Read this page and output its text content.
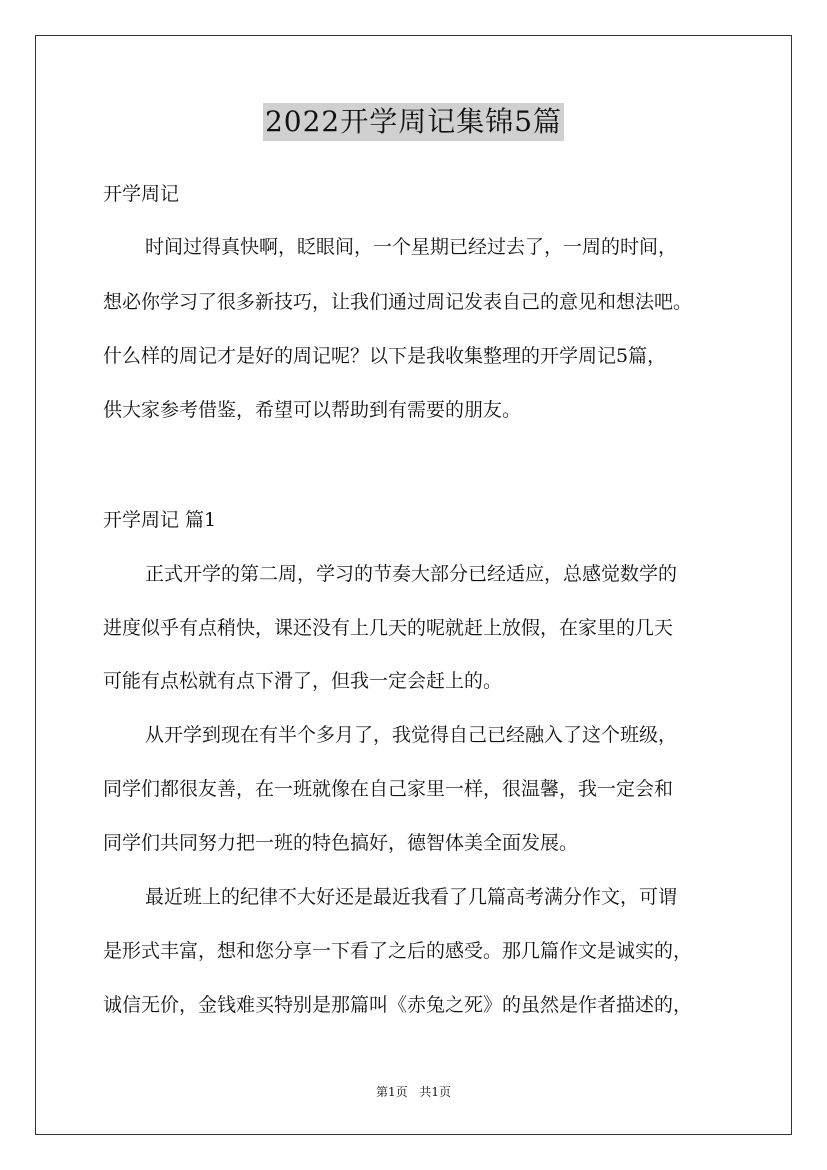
2022开学周记集锦5篇
开学周记
时间过得真快啊，眨眼间，一个星期已经过去了，一周的时间，
想必你学习了很多新技巧，让我们通过周记发表自己的意见和想法吧。
什么样的周记才是好的周记呢？以下是我收集整理的开学周记5篇，
供大家参考借鉴，希望可以帮助到有需要的朋友。
开学周记 篇1
正式开学的第二周，学习的节奏大部分已经适应，总感觉数学的
进度似乎有点稍快，课还没有上几天的呢就赶上放假，在家里的几天
可能有点松就有点下滑了，但我一定会赶上的。
从开学到现在有半个多月了，我觉得自己已经融入了这个班级，
同学们都很友善，在一班就像在自己家里一样，很温馨，我一定会和
同学们共同努力把一班的特色搞好，德智体美全面发展。
最近班上的纪律不大好还是最近我看了几篇高考满分作文，可谓
是形式丰富，想和您分享一下看了之后的感受。那几篇作文是诚实的，
诚信无价，金钱难买特别是那篇叫《赤兔之死》的虽然是作者描述的，
第1页 共1页
